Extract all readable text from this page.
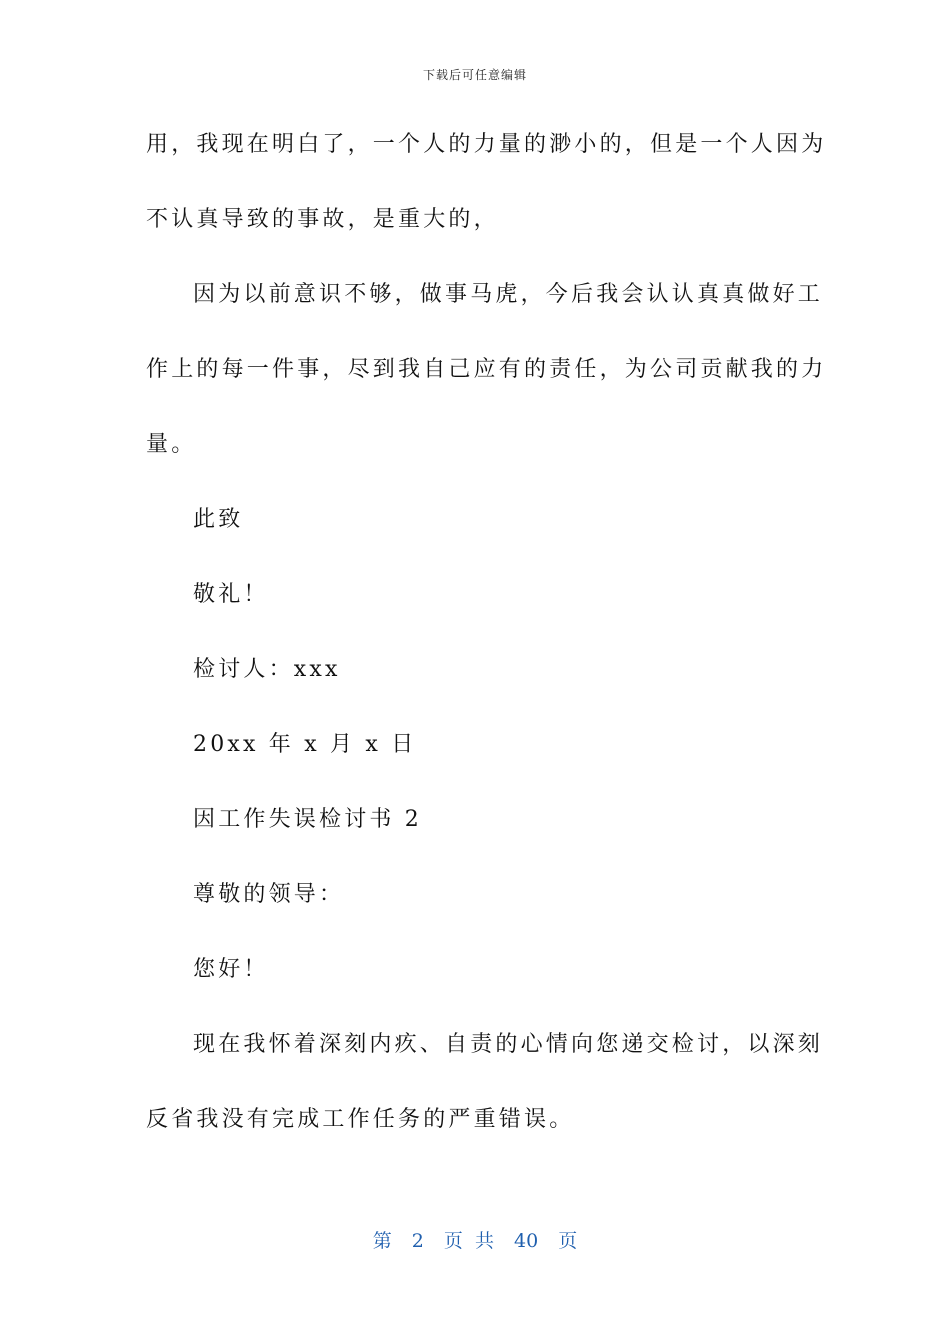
下载后可任意编辑
用，我现在明白了，一个人的力量的渺小的，但是一个人因为
不认真导致的事故，是重大的，
因为以前意识不够，做事马虎，今后我会认认真真做好工
作上的每一件事，尽到我自己应有的责任，为公司贡献我的力
量。
此致
敬礼！
检讨人：xxx
20xx 年 x 月 x 日
因工作失误检讨书 2
尊敬的领导：
您好！
现在我怀着深刻内疚、自责的心情向您递交检讨，以深刻
反省我没有完成工作任务的严重错误。
第 2 页 共 40 页
